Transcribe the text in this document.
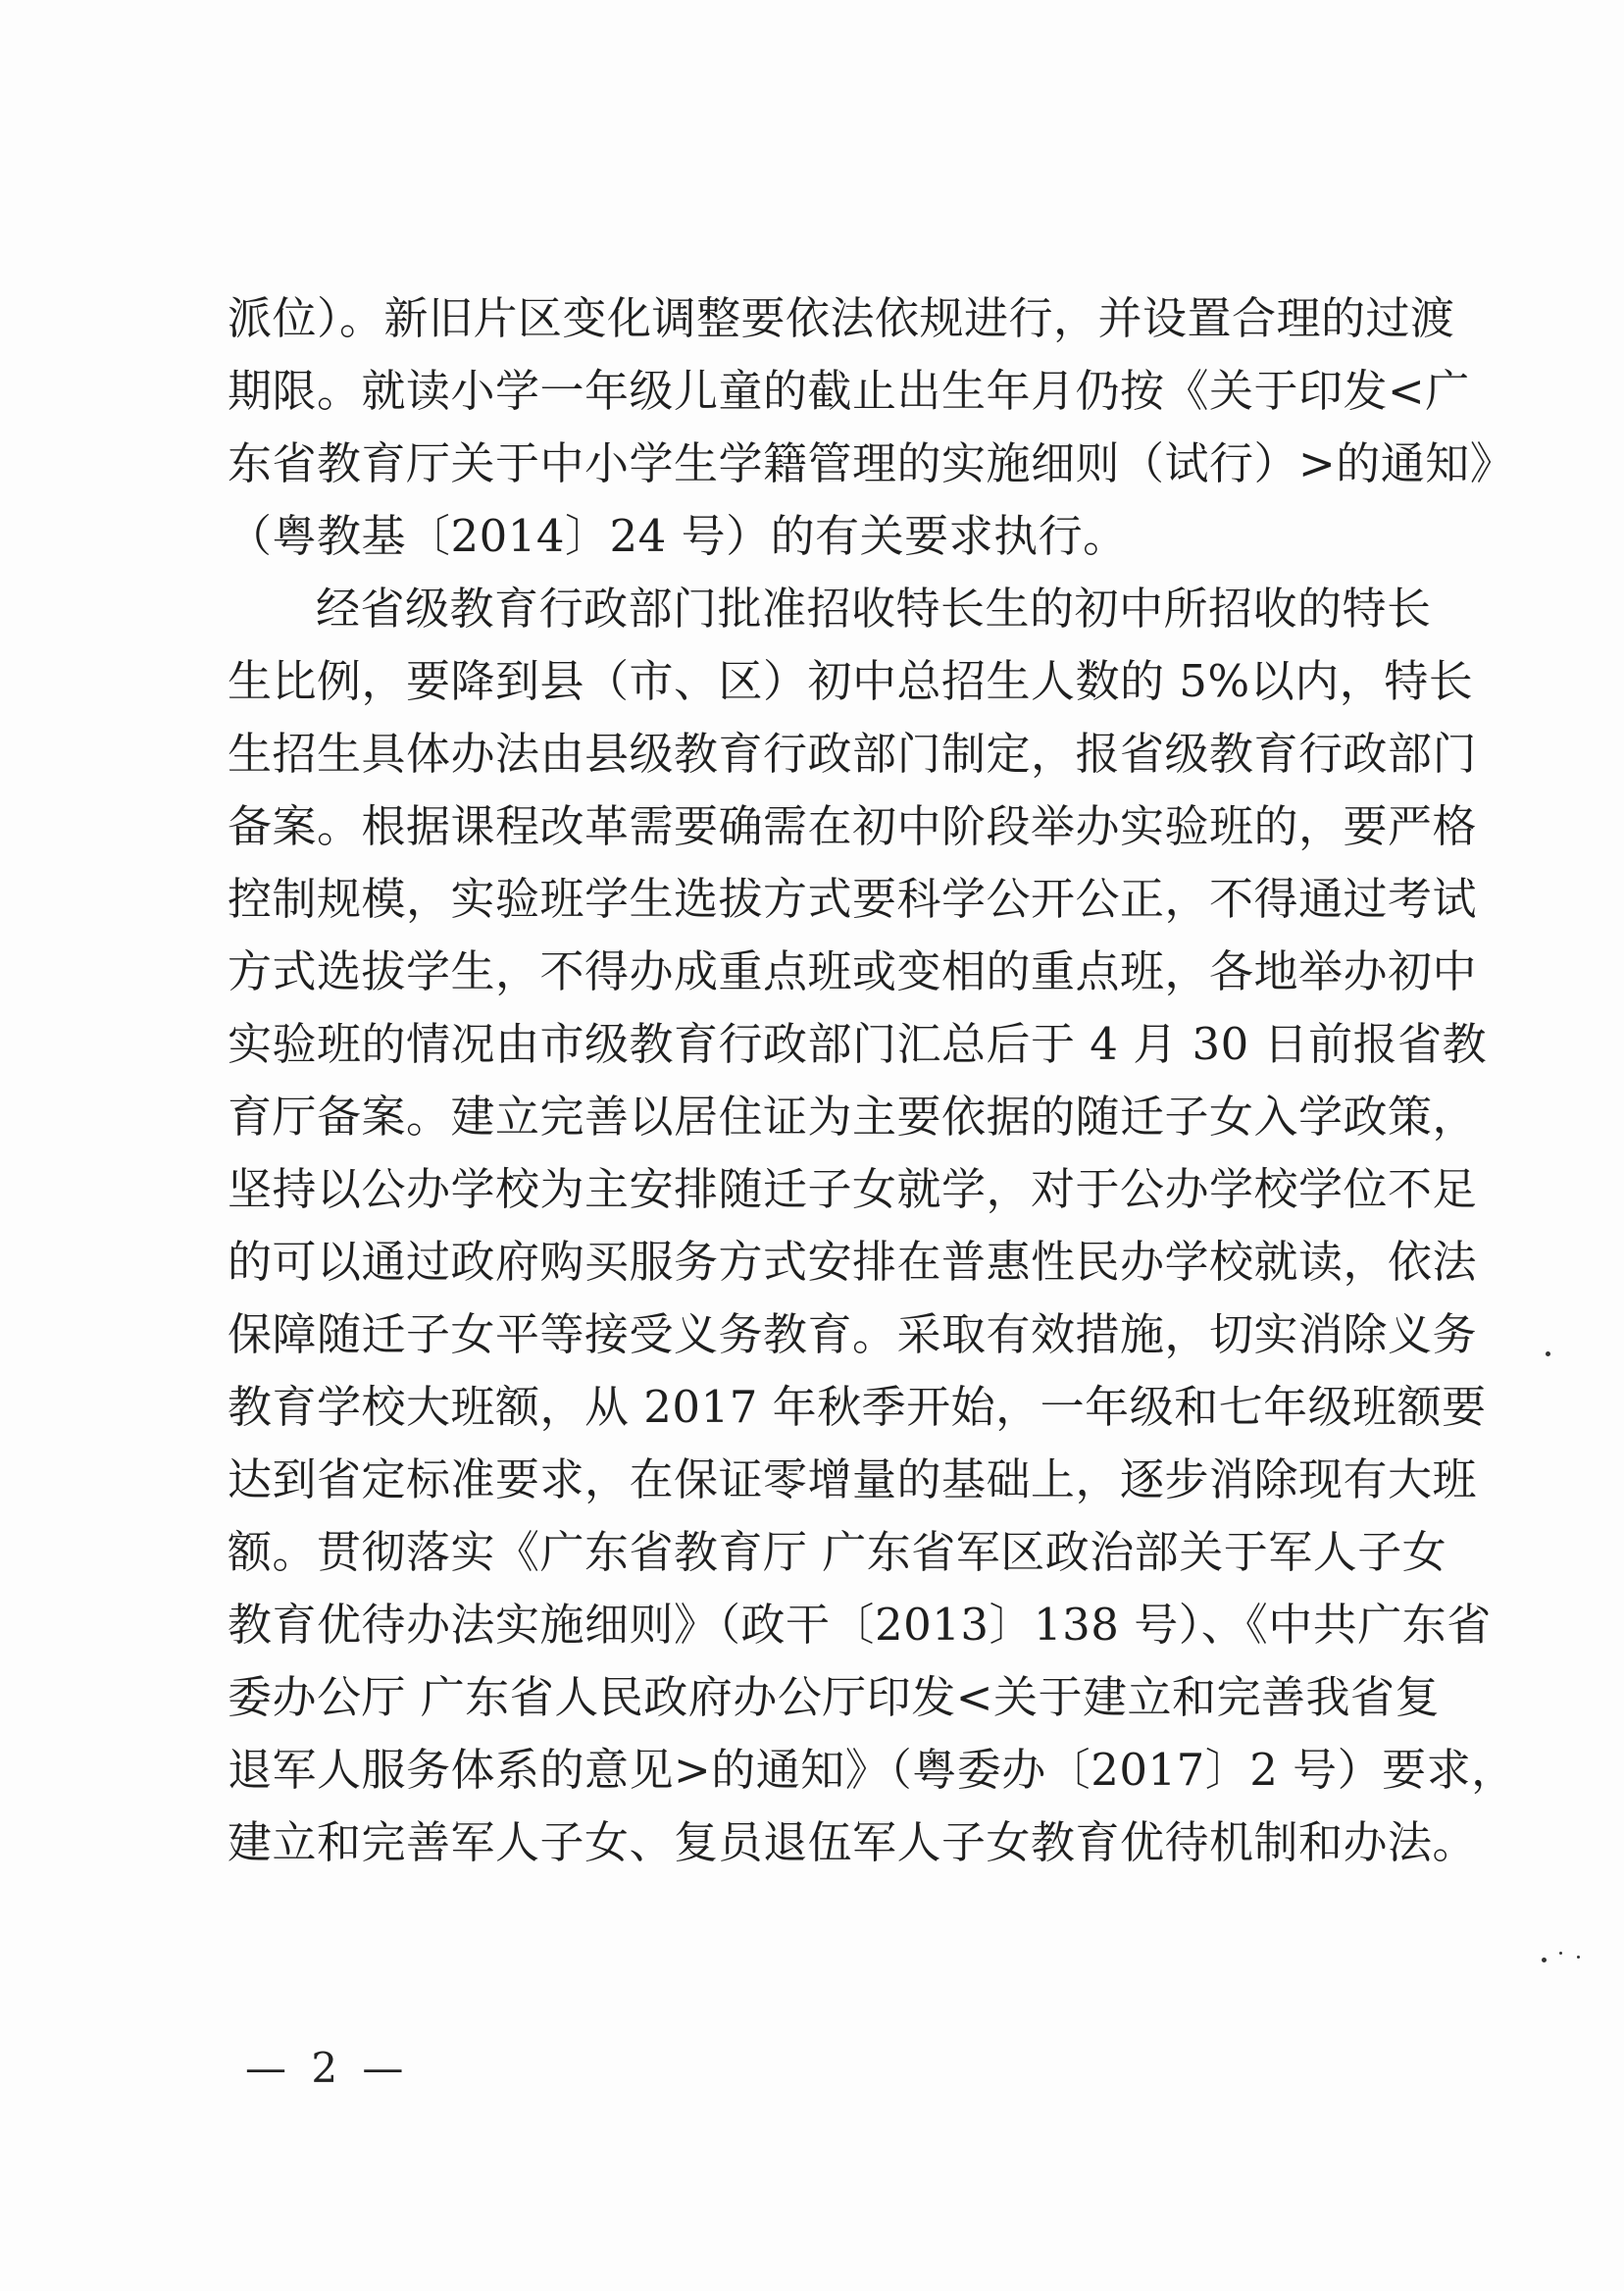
派位）。新旧片区变化调整要依法依规进行，并设置合理的过渡
期限。就读小学一年级儿童的截止出生年月仍按《关于印发<广
东省教育厅关于中小学生学籍管理的实施细则（试行）>的通知》
（粤教基〔2014〕24 号）的有关要求执行。
经省级教育行政部门批准招收特长生的初中所招收的特长
生比例，要降到县（市、区）初中总招生人数的 5%以内，特长
生招生具体办法由县级教育行政部门制定，报省级教育行政部门
备案。根据课程改革需要确需在初中阶段举办实验班的，要严格
控制规模，实验班学生选拔方式要科学公开公正，不得通过考试
方式选拔学生，不得办成重点班或变相的重点班，各地举办初中
实验班的情况由市级教育行政部门汇总后于 4 月 30 日前报省教
育厅备案。建立完善以居住证为主要依据的随迁子女入学政策，
坚持以公办学校为主安排随迁子女就学，对于公办学校学位不足
的可以通过政府购买服务方式安排在普惠性民办学校就读，依法
保障随迁子女平等接受义务教育。采取有效措施，切实消除义务
教育学校大班额，从 2017 年秋季开始，一年级和七年级班额要
达到省定标准要求，在保证零增量的基础上，逐步消除现有大班
额。贯彻落实《广东省教育厅 广东省军区政治部关于军人子女
教育优待办法实施细则》（政干〔2013〕138 号）、《中共广东省
委办公厅 广东省人民政府办公厅印发<关于建立和完善我省复
退军人服务体系的意见>的通知》（粤委办〔2017〕2 号）要求，
建立和完善军人子女、复员退伍军人子女教育优待机制和办法。
— 2 —
